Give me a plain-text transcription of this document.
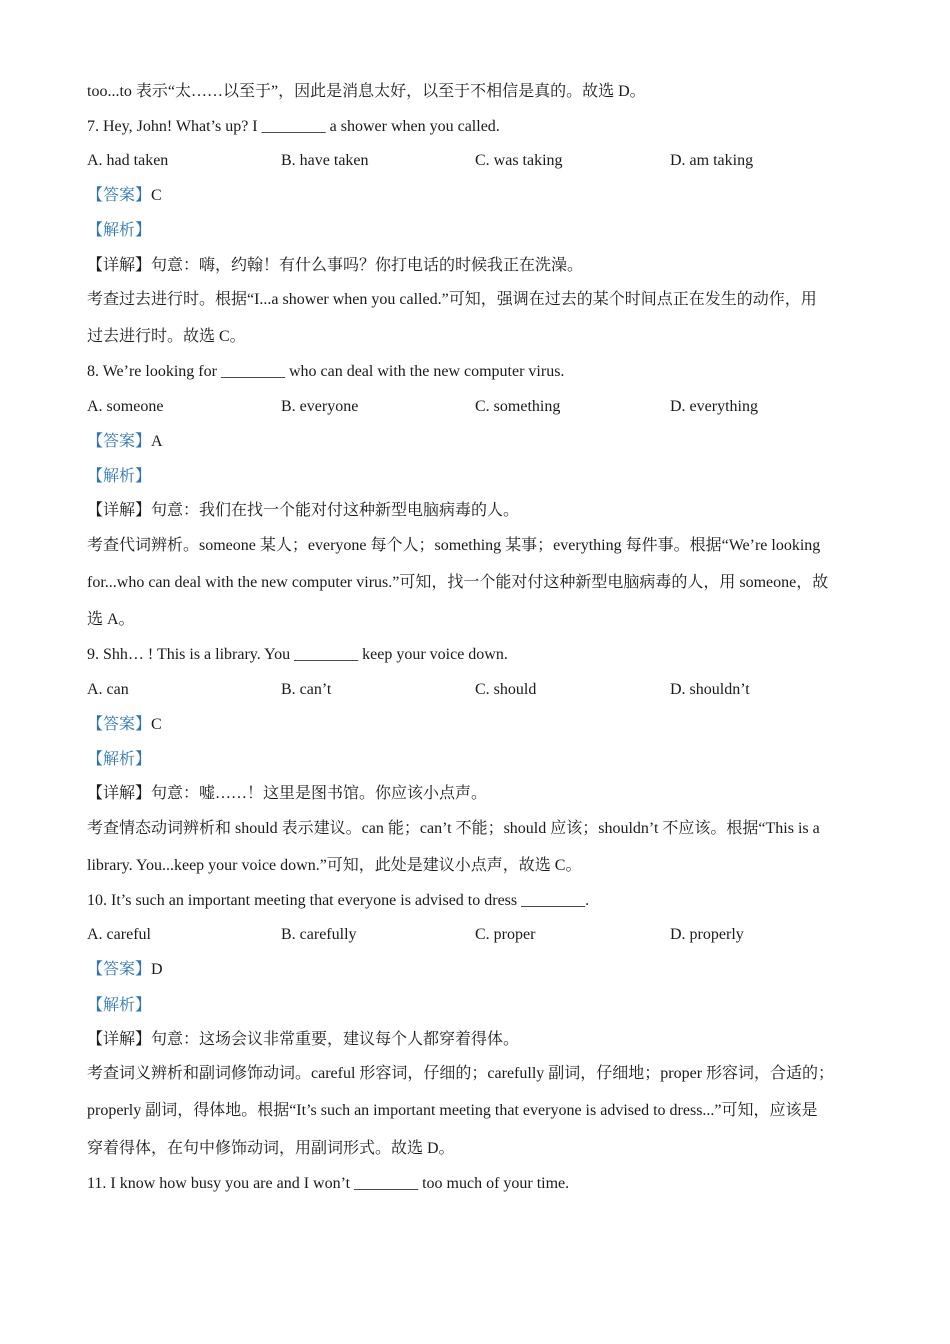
too...to 表示“太……以至于”，因此是消息太好，以至于不相信是真的。故选 D。
7. Hey, John! What’s up? I ________ a shower when you called.
A. had taken	B. have taken	C. was taking	D. am taking
【答案】C
【解析】
【详解】句意：嗨，约翰！有什么事吗？你打电话的时候我正在洗澡。
考查过去进行时。根据“I...a shower when you called.”可知，强调在过去的某个时间点正在发生的动作，用
过去进行时。故选 C。
8. We’re looking for ________ who can deal with the new computer virus.
A. someone	B. everyone	C. something	D. everything
【答案】A
【解析】
【详解】句意：我们在找一个能对付这种新型电脑病毒的人。
考查代词辨析。someone 某人；everyone 每个人；something 某事；everything 每件事。根据“We’re looking
for...who can deal with the new computer virus.”可知，找一个能对付这种新型电脑病毒的人，用 someone，故
选 A。
9. Shh… ! This is a library. You ________ keep your voice down.
A. can	B. can’t	C. should	D. shouldn’t
【答案】C
【解析】
【详解】句意：嘘……！这里是图书馆。你应该小点声。
考查情态动词辨析和 should 表示建议。can 能；can’t 不能；should 应该；shouldn’t 不应该。根据“This is a
library. You...keep your voice down.”可知，此处是建议小点声，故选 C。
10. It’s such an important meeting that everyone is advised to dress ________.
A. careful	B. carefully	C. proper	D. properly
【答案】D
【解析】
【详解】句意：这场会议非常重要，建议每个人都穿着得体。
考查词义辨析和副词修饰动词。careful 形容词，仔细的；carefully 副词，仔细地；proper 形容词，合适的；
properly 副词，得体地。根据“It’s such an important meeting that everyone is advised to dress...”可知，应该是
穿着得体，在句中修饰动词，用副词形式。故选 D。
11. I know how busy you are and I won’t ________ too much of your time.
